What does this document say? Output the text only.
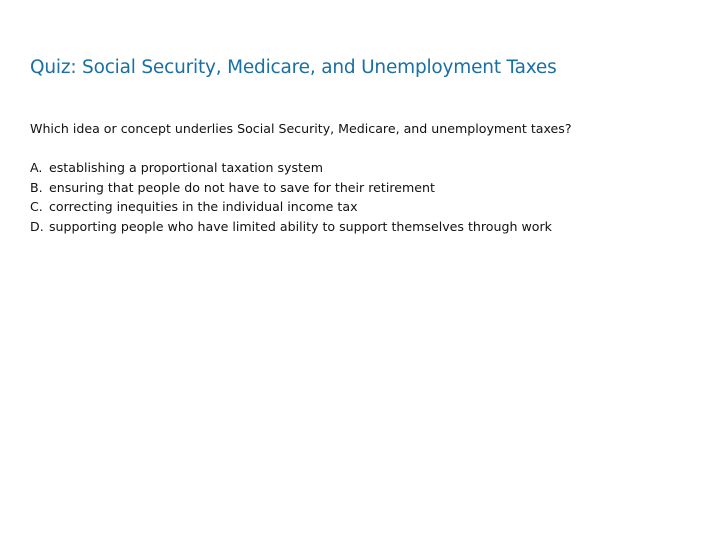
Quiz: Social Security, Medicare, and Unemployment Taxes

Which idea or concept underlies Social Security, Medicare, and unemployment taxes?

A. establishing a proportional taxation system
B. ensuring that people do not have to save for their retirement
C. correcting inequities in the individual income tax
D. supporting people who have limited ability to support themselves through work
